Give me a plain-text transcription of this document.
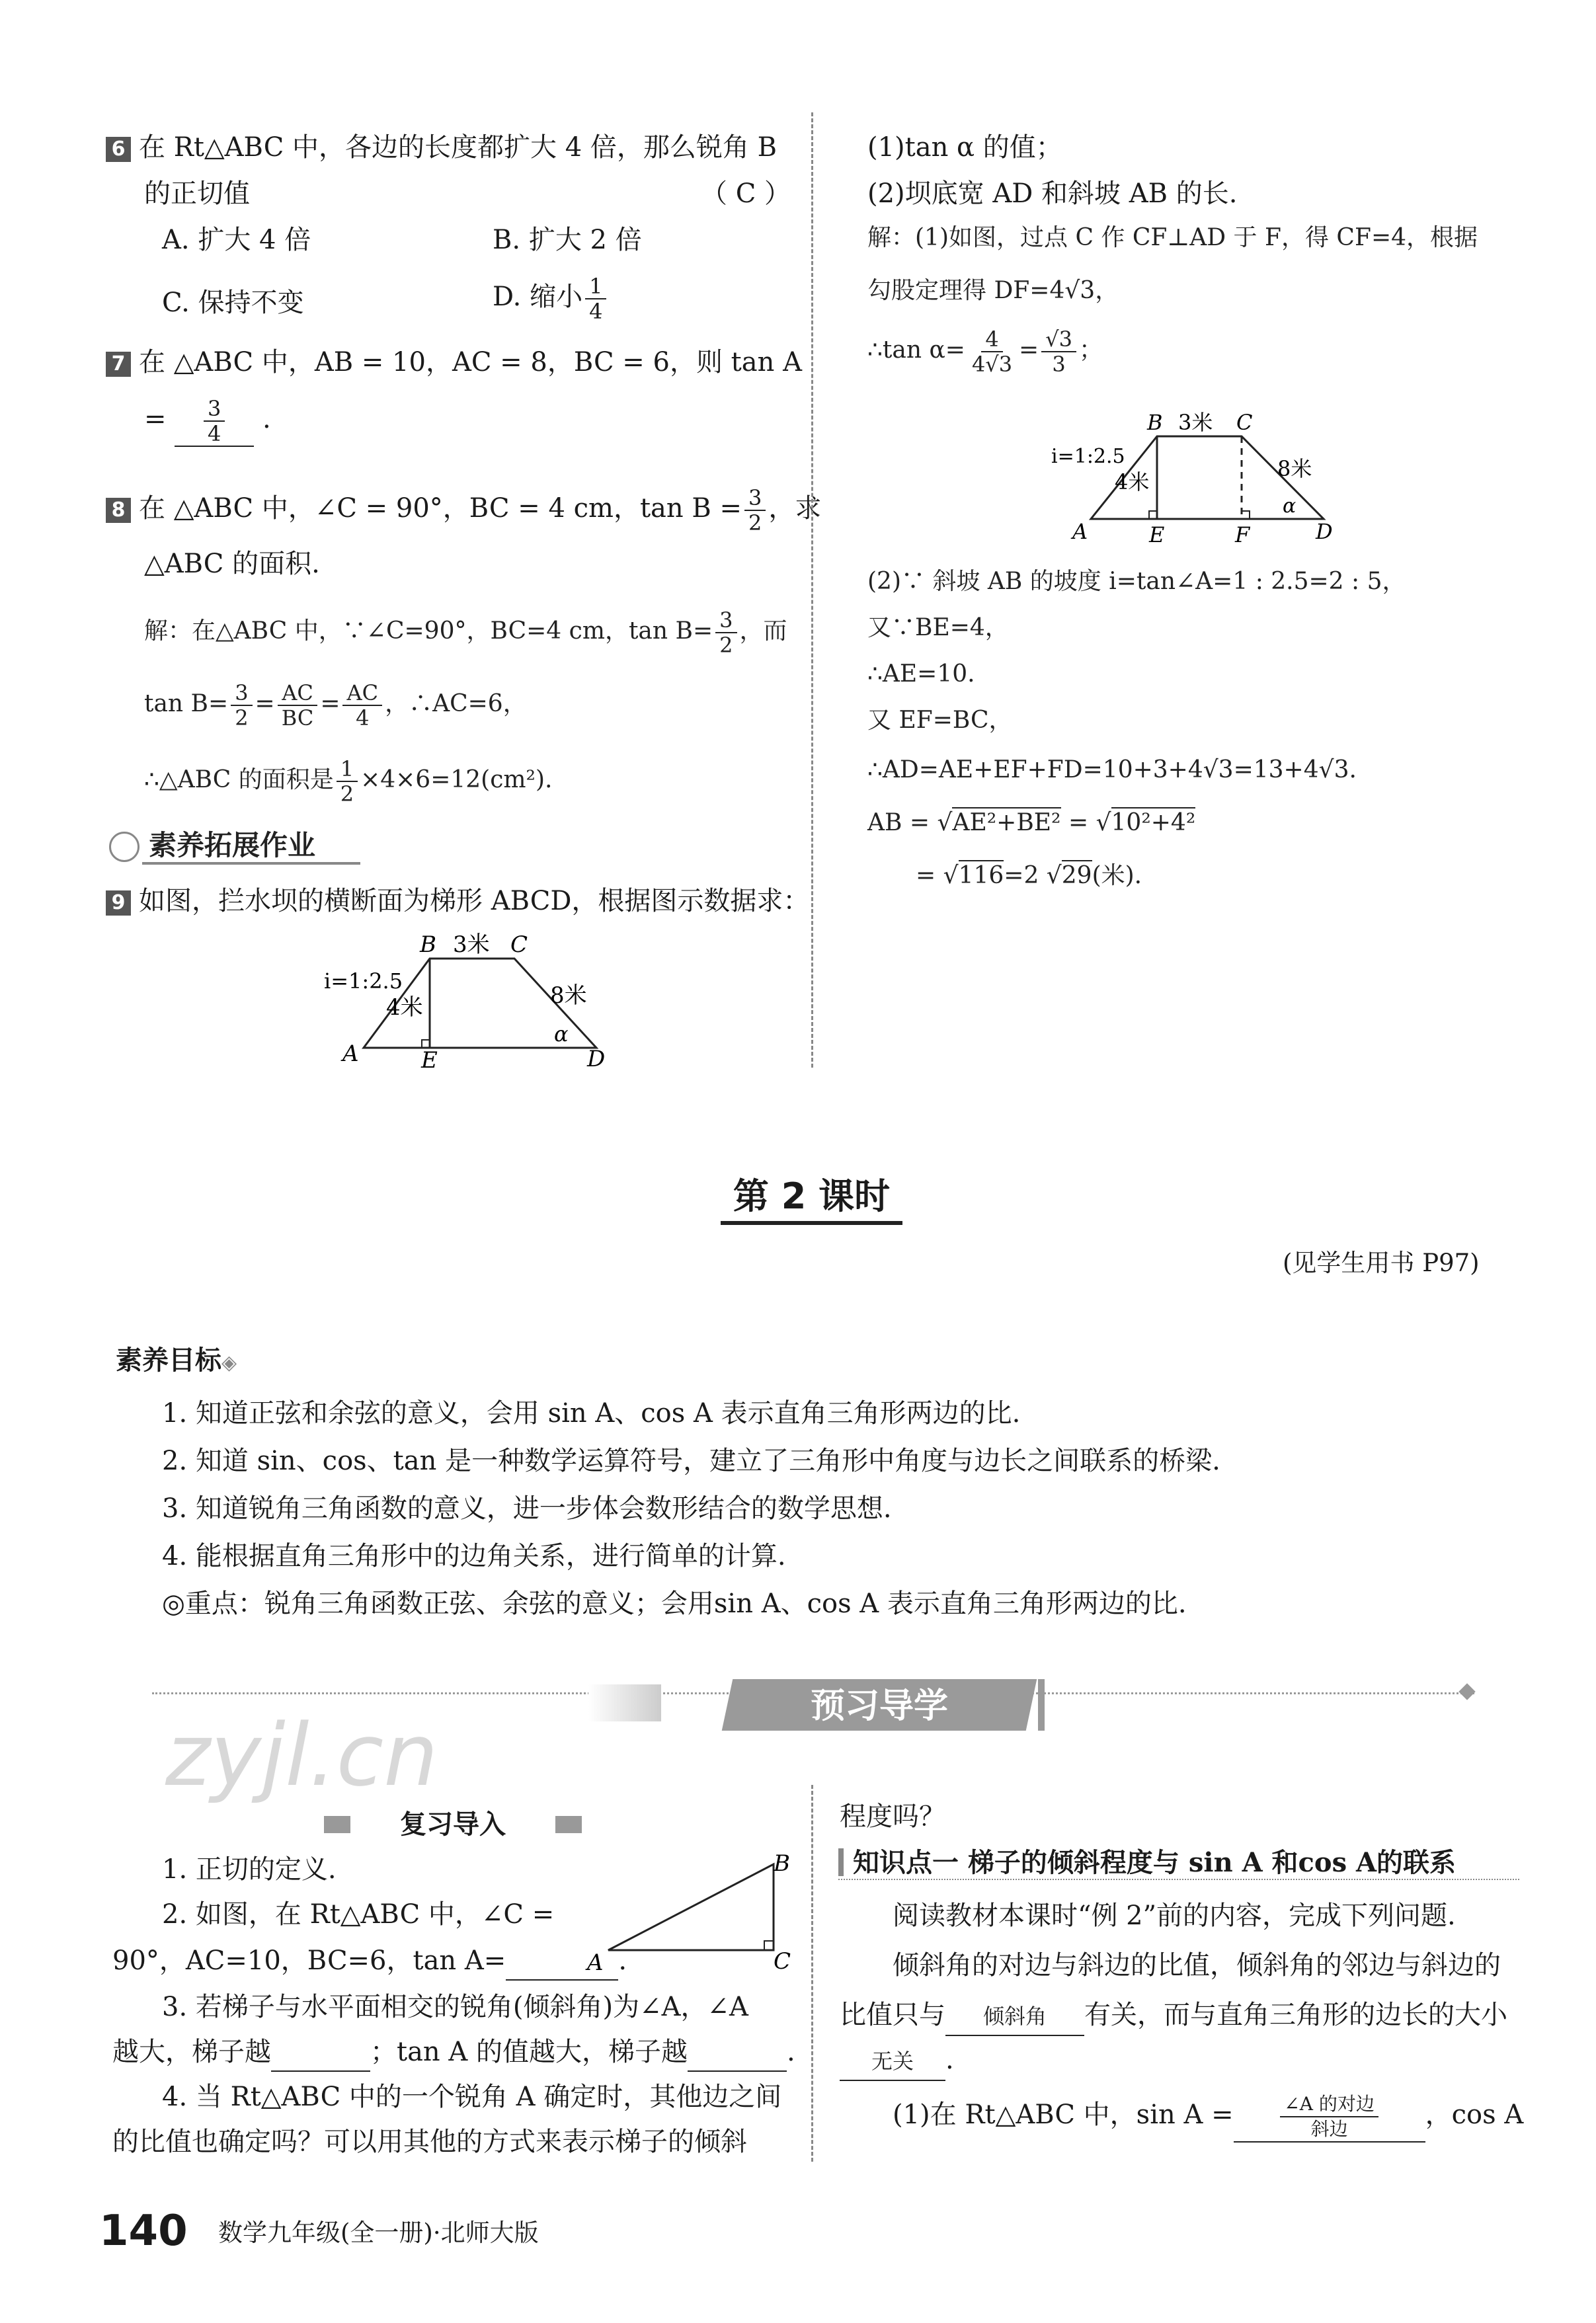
6 在 Rt△ABC 中，各边的长度都扩大 4 倍，那么锐角 B
的正切值	（ C ）
A. 扩大 4 倍	B. 扩大 2 倍
C. 保持不变	D. 缩小 $\frac{1}{4}$
7 在 △ABC 中，AB = 10，AC = 8，BC = 6，则 tan A
= $\frac{3}{4}$ .
8 在 △ABC 中，∠C = 90°，BC = 4 cm，$\tan B = \frac{3}{2}$ ，求
△ABC 的面积.
解：在△ABC 中，∵∠C=90°，BC=4 cm，$\tan B= \frac{3}{2}$ ，而
$\tan B= \frac{3}{2} = \frac{AC}{BC} = \frac{AC}{4}$ ，∴AC=6，
∴△ABC 的面积是 $\frac{1}{2} \times 4\times 6=12(cm^2)$.
素养拓展作业
9 如图，拦水坝的横断面为梯形 ABCD，根据图示数据求：
A
B	C
D
E
3米
8米
4米
i=1:2.5
α
(1)tan α 的值；
(2)坝底宽 AD 和斜坡 AB 的长.
解：(1)如图，过点 C 作 CF⊥AD 于 F，得 CF=4，根据
勾股定理得 DF=4√3，
∴tan $\alpha= \frac{4}{4√3} = \frac{√3}{3}$ ；
A
B	C
D
E	F
3米
8米
4米
i=1:2.5
α
(2)∵ 斜坡 AB 的坡度 i=tan∠A=1 : 2.5=2 : 5，
又∵BE=4，
∴AE=10.
又 EF=BC，
∴AD=AE+EF+FD=10+3+4√3=13+4√3.
AB = √AE²+BE² = √10²+4²
= √116=2 √29(米).
第 2 课时
(见学生用书 P97)
素养目标◈
1. 知道正弦和余弦的意义，会用 sin A、cos A 表示直角三角形两边的比.
2. 知道 sin、cos、tan 是一种数学运算符号，建立了三角形中角度与边长之间联系的桥梁.
3. 知道锐角三角函数的意义，进一步体会数形结合的数学思想.
4. 能根据直角三角形中的边角关系，进行简单的计算.
◎重点：锐角三角函数正弦、余弦的意义；会用sin A、cos A 表示直角三角形两边的比.
预习导学
zyjl.cn
复习导入
1. 正切的定义.
2. 如图，在 Rt△ABC 中，∠C =
90°，AC=10，BC=6，tan A=	.
A
B
C
3. 若梯子与水平面相交的锐角(倾斜角)为∠A，∠A
越大，梯子越	；tan A 的值越大，梯子越	.
4. 当 Rt△ABC 中的一个锐角 A 确定时，其他边之间
的比值也确定吗？可以用其他的方式来表示梯子的倾斜
程度吗？
知识点一 梯子的倾斜程度与 sin A 和cos A的联系
阅读教材本课时“例 2”前的内容，完成下列问题.
倾斜角的对边与斜边的比值，倾斜角的邻边与斜边的
比值只与 倾斜角 有关，而与直角三角形的边长的大小
无关 .
(1)在 Rt△ABC 中，sin A =	$\frac{\text{∠A 的对边}}{\text{斜边}}$ ，cos A
140 数学九年级(全一册)·北师大版
